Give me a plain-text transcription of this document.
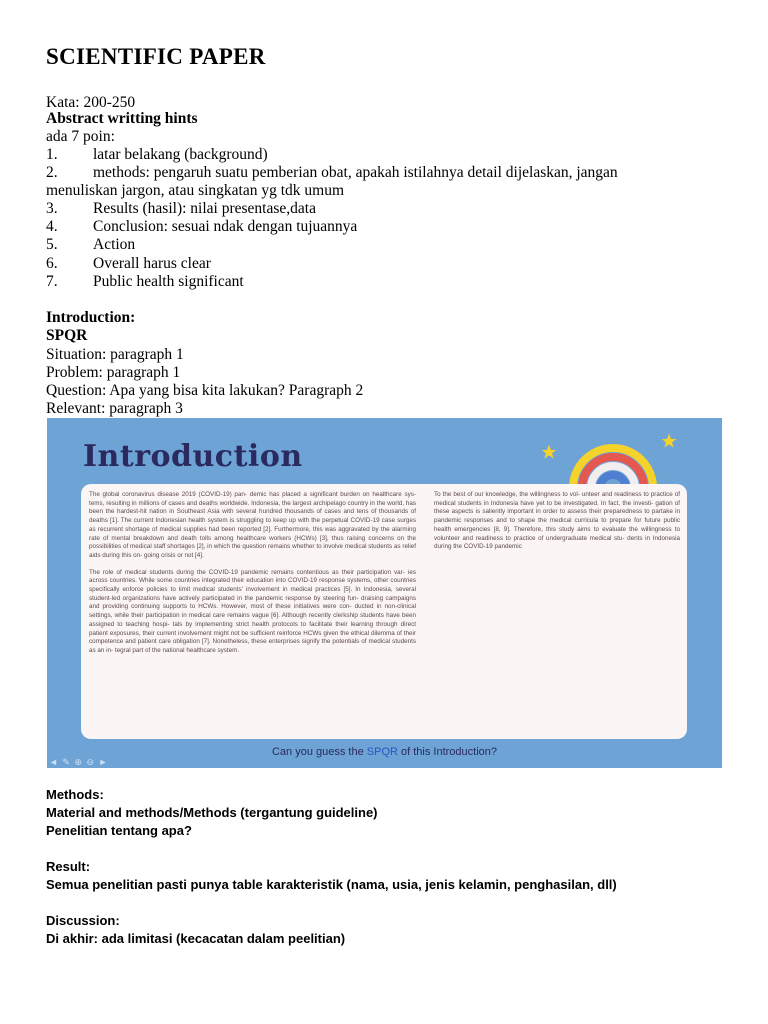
SCIENTIFIC PAPER
Kata: 200-250
Abstract writting hints
ada 7 poin:
1. latar belakang (background)
2. methods: pengaruh suatu pemberian obat, apakah istilahnya detail dijelaskan, jangan menuliskan jargon, atau singkatan yg tdk umum
3. Results (hasil): nilai presentase,data
4. Conclusion: sesuai ndak dengan tujuannya
5. Action
6. Overall harus clear
7. Public health significant
Introduction:
SPQR
Situation: paragraph 1
Problem: paragraph 1
Question: Apa yang bisa kita lakukan? Paragraph 2
Relevant: paragraph 3
Introduction

The global coronavirus disease 2019 (COVID-19) pan- demic has placed a significant burden on healthcare sys- tems, resulting in millions of cases and deaths worldwide. Indonesia, the largest archipelago country in the world, has been the hardest-hit nation in Southeast Asia with several hundred thousands of cases and tens of thousands of deaths [1]. The current Indonesian health system is struggling to keep up with the perpetual COVID-19 case surges as recurrent shortage of medical supplies had been reported [2]. Furthermore, this was aggravated by the alarming rate of mental breakdown and death tolls among healthcare workers (HCWs) [3], thus raising concerns on the possibilities of medical staff shortages [2], in which the question remains whether to involve medical students as relief aids during this on- going crisis or not [4].

The role of medical students during the COVID-19 pandemic remains contentious as their participation var- ies across countries. While some countries integrated their education into COVID-19 response systems, other countries specifically enforce policies to limit medical students' involvement in medical practices [5]. In Indonesia, several student-led organizations have actively participated in the pandemic response by steering fun- draising campaigns and providing continuing supports to HCWs. However, most of these initiatives were con- ducted in non-clinical settings, while their participation in medical care remains vague [6]. Although recently clerkship students have been assigned to teaching hospi- tals by implementing strict health protocols to facilitate their learning through direct patient exposures, their current involvement might not be sufficient reinforce HCWs given the ethical dilemma of their competence and patient care obligation [7]. Nonetheless, these enterprises signify the potentials of medical students as an in- tegral part of the national healthcare system.

To the best of our knowledge, the willingness to vol- unteer and readiness to practice of medical students in Indonesia have yet to be investigated. In fact, the investi- gation of these aspects is saliently important in order to assess their preparedness to partake in pandemic responses and to shape the medical curricula to prepare for future public health emergencies [8, 9]. Therefore, this study aims to evaluate the willingness to volunteer and readiness to practice of undergraduate medical stu- dents in Indonesia during the COVID-19 pandemic
Can you guess the SPQR of this Introduction?
◄ ✎ ⊕ ⊖ ►
Methods:
Material and methods/Methods (tergantung guideline)
Penelitian tentang apa?
Result:
Semua penelitian pasti punya table karakteristik (nama, usia, jenis kelamin, penghasilan, dll)
Discussion:
Di akhir: ada limitasi (kecacatan dalam peelitian)
